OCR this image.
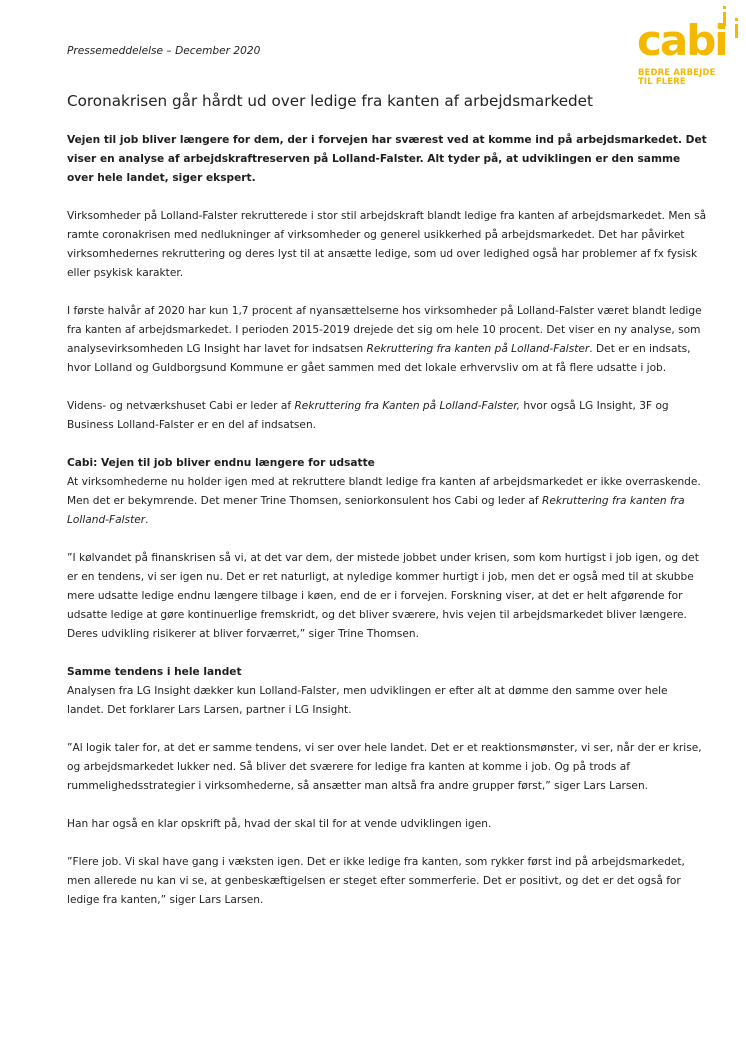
Pressemeddelelse – December 2020	cabi
BEDRE ARBEJDE
TIL FLERE
Coronakrisen går hårdt ud over ledige fra kanten af arbejdsmarkedet

Vejen til job bliver længere for dem, der i forvejen har sværest ved at komme ind på arbejdsmarkedet. Det viser en analyse af arbejdskraftreserven på Lolland-Falster. Alt tyder på, at udviklingen er den samme over hele landet, siger ekspert.

Virksomheder på Lolland-Falster rekrutterede i stor stil arbejdskraft blandt ledige fra kanten af arbejdsmarkedet. Men så ramte coronakrisen med nedlukninger af virksomheder og generel usikkerhed på arbejdsmarkedet. Det har påvirket virksomhedernes rekruttering og deres lyst til at ansætte ledige, som ud over ledighed også har problemer af fx fysisk eller psykisk karakter.

I første halvår af 2020 har kun 1,7 procent af nyansættelserne hos virksomheder på Lolland-Falster været blandt ledige fra kanten af arbejdsmarkedet. I perioden 2015-2019 drejede det sig om hele 10 procent. Det viser en ny analyse, som analysevirksomheden LG Insight har lavet for indsatsen Rekruttering fra kanten på Lolland-Falster. Det er en indsats, hvor Lolland og Guldborgsund Kommune er gået sammen med det lokale erhvervsliv om at få flere udsatte i job.

Videns- og netværkshuset Cabi er leder af Rekruttering fra Kanten på Lolland-Falster, hvor også LG Insight, 3F og Business Lolland-Falster er en del af indsatsen.

Cabi: Vejen til job bliver endnu længere for udsatte

At virksomhederne nu holder igen med at rekruttere blandt ledige fra kanten af arbejdsmarkedet er ikke overraskende. Men det er bekymrende. Det mener Trine Thomsen, seniorkonsulent hos Cabi og leder af Rekruttering fra kanten fra Lolland-Falster.

”I kølvandet på finanskrisen så vi, at det var dem, der mistede jobbet under krisen, som kom hurtigst i job igen, og det er en tendens, vi ser igen nu. Det er ret naturligt, at nyledige kommer hurtigt i job, men det er også med til at skubbe mere udsatte ledige endnu længere tilbage i køen, end de er i forvejen. Forskning viser, at det er helt afgørende for udsatte ledige at gøre kontinuerlige fremskridt, og det bliver sværere, hvis vejen til arbejdsmarkedet bliver længere. Deres udvikling risikerer at bliver forværret,” siger Trine Thomsen.

Samme tendens i hele landet

Analysen fra LG Insight dækker kun Lolland-Falster, men udviklingen er efter alt at dømme den samme over hele landet. Det forklarer Lars Larsen, partner i LG Insight.

”Al logik taler for, at det er samme tendens, vi ser over hele landet. Det er et reaktionsmønster, vi ser, når der er krise, og arbejdsmarkedet lukker ned. Så bliver det sværere for ledige fra kanten at komme i job. Og på trods af rummelighedsstrategier i virksomhederne, så ansætter man altså fra andre grupper først,” siger Lars Larsen.

Han har også en klar opskrift på, hvad der skal til for at vende udviklingen igen.

”Flere job. Vi skal have gang i væksten igen. Det er ikke ledige fra kanten, som rykker først ind på arbejdsmarkedet, men allerede nu kan vi se, at genbeskæftigelsen er steget efter sommerferie. Det er positivt, og det er det også for ledige fra kanten,” siger Lars Larsen.
